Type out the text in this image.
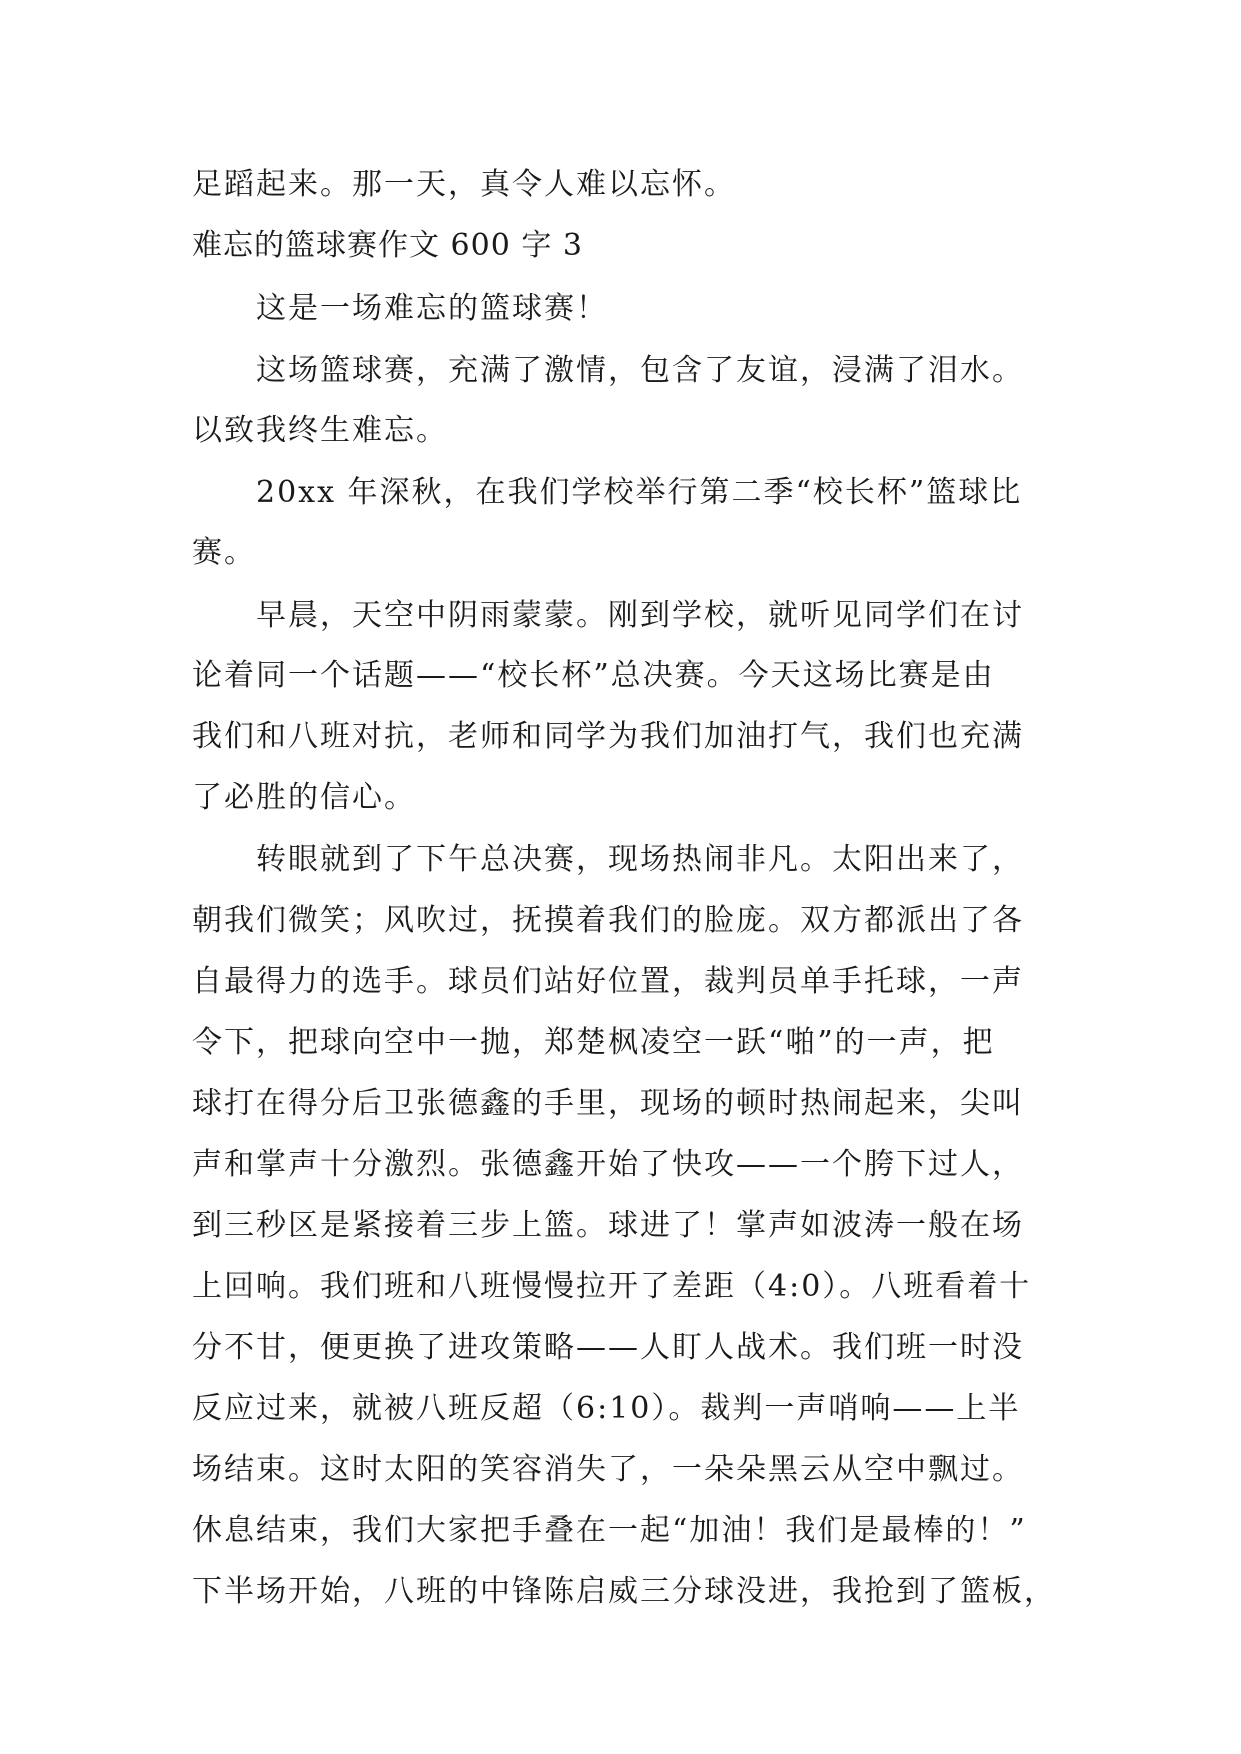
足蹈起来。那一天，真令人难以忘怀。
难忘的篮球赛作文 600 字 3
这是一场难忘的篮球赛！
这场篮球赛，充满了激情，包含了友谊，浸满了泪水。
以致我终生难忘。
20xx 年深秋，在我们学校举行第二季“校长杯”篮球比
赛。
早晨，天空中阴雨蒙蒙。刚到学校，就听见同学们在讨
论着同一个话题——“校长杯”总决赛。今天这场比赛是由
我们和八班对抗，老师和同学为我们加油打气，我们也充满
了必胜的信心。
转眼就到了下午总决赛，现场热闹非凡。太阳出来了，
朝我们微笑；风吹过，抚摸着我们的脸庞。双方都派出了各
自最得力的选手。球员们站好位置，裁判员单手托球，一声
令下，把球向空中一抛，郑楚枫凌空一跃“啪”的一声，把
球打在得分后卫张德鑫的手里，现场的顿时热闹起来，尖叫
声和掌声十分激烈。张德鑫开始了快攻——一个胯下过人，
到三秒区是紧接着三步上篮。球进了！掌声如波涛一般在场
上回响。我们班和八班慢慢拉开了差距（4:0）。八班看着十
分不甘，便更换了进攻策略——人盯人战术。我们班一时没
反应过来，就被八班反超（6:10）。裁判一声哨响——上半
场结束。这时太阳的笑容消失了，一朵朵黑云从空中飘过。
休息结束，我们大家把手叠在一起“加油！我们是最棒的！”
下半场开始，八班的中锋陈启威三分球没进，我抢到了篮板，
